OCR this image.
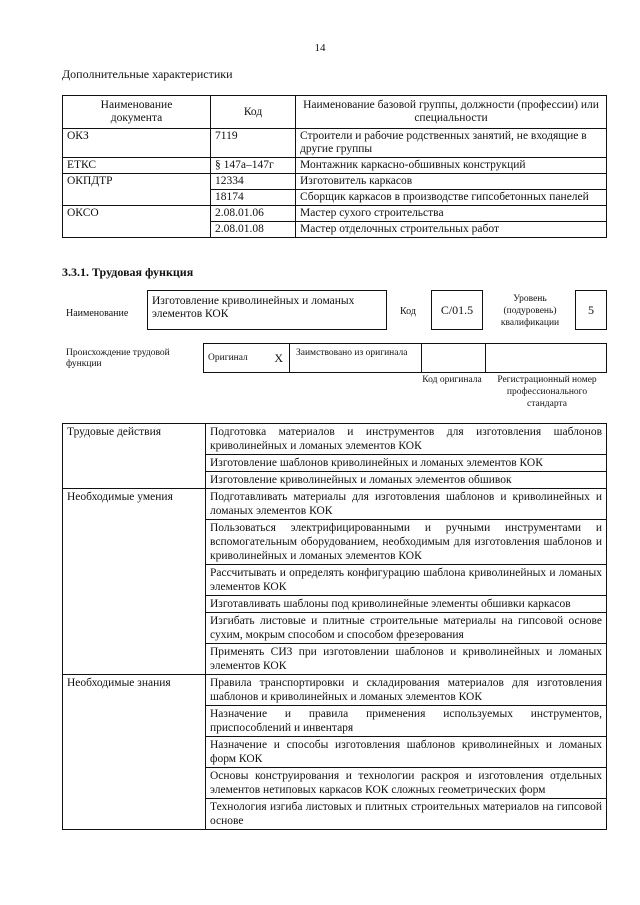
14
Дополнительные характеристики
Наименование документа	Код	Наименование базовой группы, должности (профессии) или специальности
ОКЗ	7119	Строители и рабочие родственных занятий, не входящие в другие группы
ЕТКС	§ 147а–147г	Монтажник каркасно-обшивных конструкций
ОКПДТР	12334	Изготовитель каркасов
	18174	Сборщик каркасов в производстве гипсобетонных панелей
ОКСО	2.08.01.06	Мастер сухого строительства
	2.08.01.08	Мастер отделочных строительных работ
3.3.1. Трудовая функция
Наименование
Изготовление криволинейных и ломаных элементов КОК	Код	C/01.5
Уровень (подуровень) квалификации
5
Происхождение трудовой функции
Оригинал X	Заимствовано из оригинала
Код оригинала	Регистрационный номер профессионального стандарта
Трудовые действия	Подготовка материалов и инструментов для изготовления шаблонов криволинейных и ломаных элементов КОК
	Изготовление шаблонов криволинейных и ломаных элементов КОК
	Изготовление криволинейных и ломаных элементов обшивок
Необходимые умения	Подготавливать материалы для изготовления шаблонов и криволинейных и ломаных элементов КОК
	Пользоваться электрифицированными и ручными инструментами и вспомогательным оборудованием, необходимым для изготовления шаблонов и криволинейных и ломаных элементов КОК
	Рассчитывать и определять конфигурацию шаблона криволинейных и ломаных элементов КОК
	Изготавливать шаблоны под криволинейные элементы обшивки каркасов
	Изгибать листовые и плитные строительные материалы на гипсовой основе сухим, мокрым способом и способом фрезерования
	Применять СИЗ при изготовлении шаблонов и криволинейных и ломаных элементов КОК
Необходимые знания	Правила транспортировки и складирования материалов для изготовления шаблонов и криволинейных и ломаных элементов КОК
	Назначение и правила применения используемых инструментов, приспособлений и инвентаря
	Назначение и способы изготовления шаблонов криволинейных и ломаных форм КОК
	Основы конструирования и технологии раскроя и изготовления отдельных элементов нетиповых каркасов КОК сложных геометрических форм
	Технология изгиба листовых и плитных строительных материалов на гипсовой основе
